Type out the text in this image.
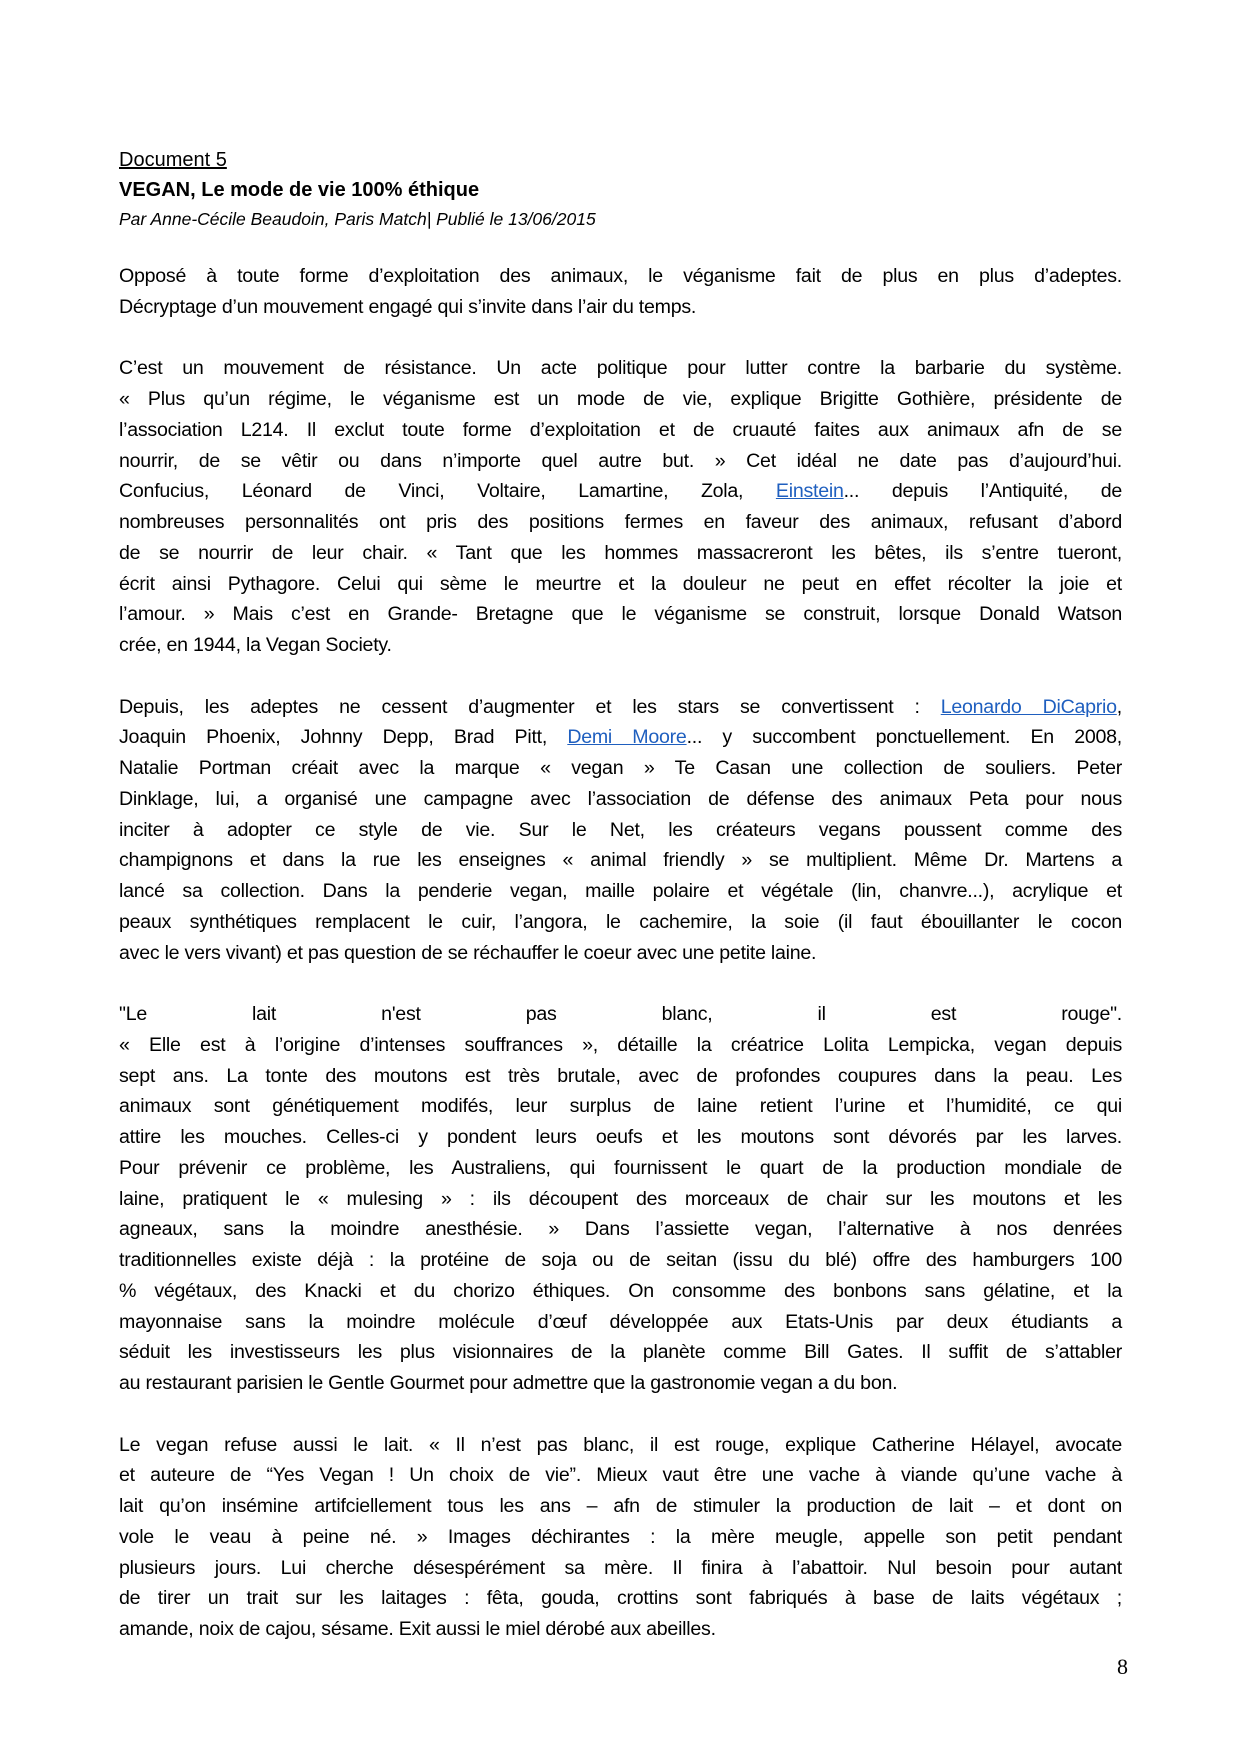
Document 5
VEGAN, Le mode de vie 100% éthique
Par Anne-Cécile Beaudoin, Paris Match| Publié le 13/06/2015
Opposé à toute forme d’exploitation des animaux, le véganisme fait de plus en plus d’adeptes.
Décryptage d’un mouvement engagé qui s’invite dans l’air du temps.
C’est un mouvement de résistance. Un acte politique pour lutter contre la barbarie du système.
« Plus qu’un régime, le véganisme est un mode de vie, explique Brigitte Gothière, présidente de
l’association L214. Il exclut toute forme d’exploitation et de cruauté faites aux animaux afn de se
nourrir, de se vêtir ou dans n’importe quel autre but. » Cet idéal ne date pas d’aujourd’hui.
Confucius, Léonard de Vinci, Voltaire, Lamartine, Zola, Einstein... depuis l’Antiquité, de
nombreuses personnalités ont pris des positions fermes en faveur des animaux, refusant d’abord
de se nourrir de leur chair. « Tant que les hommes massacreront les bêtes, ils s’entre tueront,
écrit ainsi Pythagore. Celui qui sème le meurtre et la douleur ne peut en effet récolter la joie et
l’amour. » Mais c’est en Grande- Bretagne que le véganisme se construit, lorsque Donald Watson
crée, en 1944, la Vegan Society.
Depuis, les adeptes ne cessent d’augmenter et les stars se convertissent : Leonardo DiCaprio,
Joaquin Phoenix, Johnny Depp, Brad Pitt, Demi Moore... y succombent ponctuellement. En 2008,
Natalie Portman créait avec la marque « vegan » Te Casan une collection de souliers. Peter
Dinklage, lui, a organisé une campagne avec l’association de défense des animaux Peta pour nous
inciter à adopter ce style de vie. Sur le Net, les créateurs vegans poussent comme des
champignons et dans la rue les enseignes « animal friendly » se multiplient. Même Dr. Martens a
lancé sa collection. Dans la penderie vegan, maille polaire et végétale (lin, chanvre...), acrylique et
peaux synthétiques remplacent le cuir, l’angora, le cachemire, la soie (il faut ébouillanter le cocon
avec le vers vivant) et pas question de se réchauffer le coeur avec une petite laine.
"Le lait n'est pas blanc, il est rouge".
« Elle est à l’origine d’intenses souffrances », détaille la créatrice Lolita Lempicka, vegan depuis
sept ans. La tonte des moutons est très brutale, avec de profondes coupures dans la peau. Les
animaux sont génétiquement modifés, leur surplus de laine retient l’urine et l’humidité, ce qui
attire les mouches. Celles-ci y pondent leurs oeufs et les moutons sont dévorés par les larves.
Pour prévenir ce problème, les Australiens, qui fournissent le quart de la production mondiale de
laine, pratiquent le « mulesing » : ils découpent des morceaux de chair sur les moutons et les
agneaux, sans la moindre anesthésie. » Dans l’assiette vegan, l’alternative à nos denrées
traditionnelles existe déjà : la protéine de soja ou de seitan (issu du blé) offre des hamburgers 100
% végétaux, des Knacki et du chorizo éthiques. On consomme des bonbons sans gélatine, et la
mayonnaise sans la moindre molécule d’œuf développée aux Etats-Unis par deux étudiants a
séduit les investisseurs les plus visionnaires de la planète comme Bill Gates. Il suffit de s’attabler
au restaurant parisien le Gentle Gourmet pour admettre que la gastronomie vegan a du bon.
Le vegan refuse aussi le lait. « Il n’est pas blanc, il est rouge, explique Catherine Hélayel, avocate
et auteure de “Yes Vegan ! Un choix de vie”. Mieux vaut être une vache à viande qu’une vache à
lait qu’on insémine artifciellement tous les ans – afn de stimuler la production de lait – et dont on
vole le veau à peine né. » Images déchirantes : la mère meugle, appelle son petit pendant
plusieurs jours. Lui cherche désespérément sa mère. Il finira à l’abattoir. Nul besoin pour autant
de tirer un trait sur les laitages : fêta, gouda, crottins sont fabriqués à base de laits végétaux ;
amande, noix de cajou, sésame. Exit aussi le miel dérobé aux abeilles.
8
